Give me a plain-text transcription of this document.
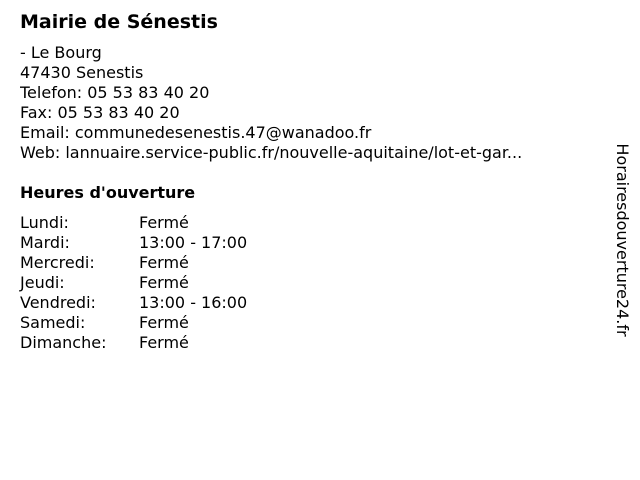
Mairie de Sénestis
- Le Bourg
47430 Senestis
Telefon: 05 53 83 40 20
Fax: 05 53 83 40 20
Email: communedesenestis.47@wanadoo.fr
Web: lannuaire.service-public.fr/nouvelle-aquitaine/lot-et-gar...
Heures d'ouverture
Lundi:	Fermé
Mardi:	13:00 - 17:00
Mercredi:	Fermé
Jeudi:	Fermé
Vendredi:	13:00 - 16:00
Samedi:	Fermé
Dimanche: Fermé
Horairesdouverture24.fr
